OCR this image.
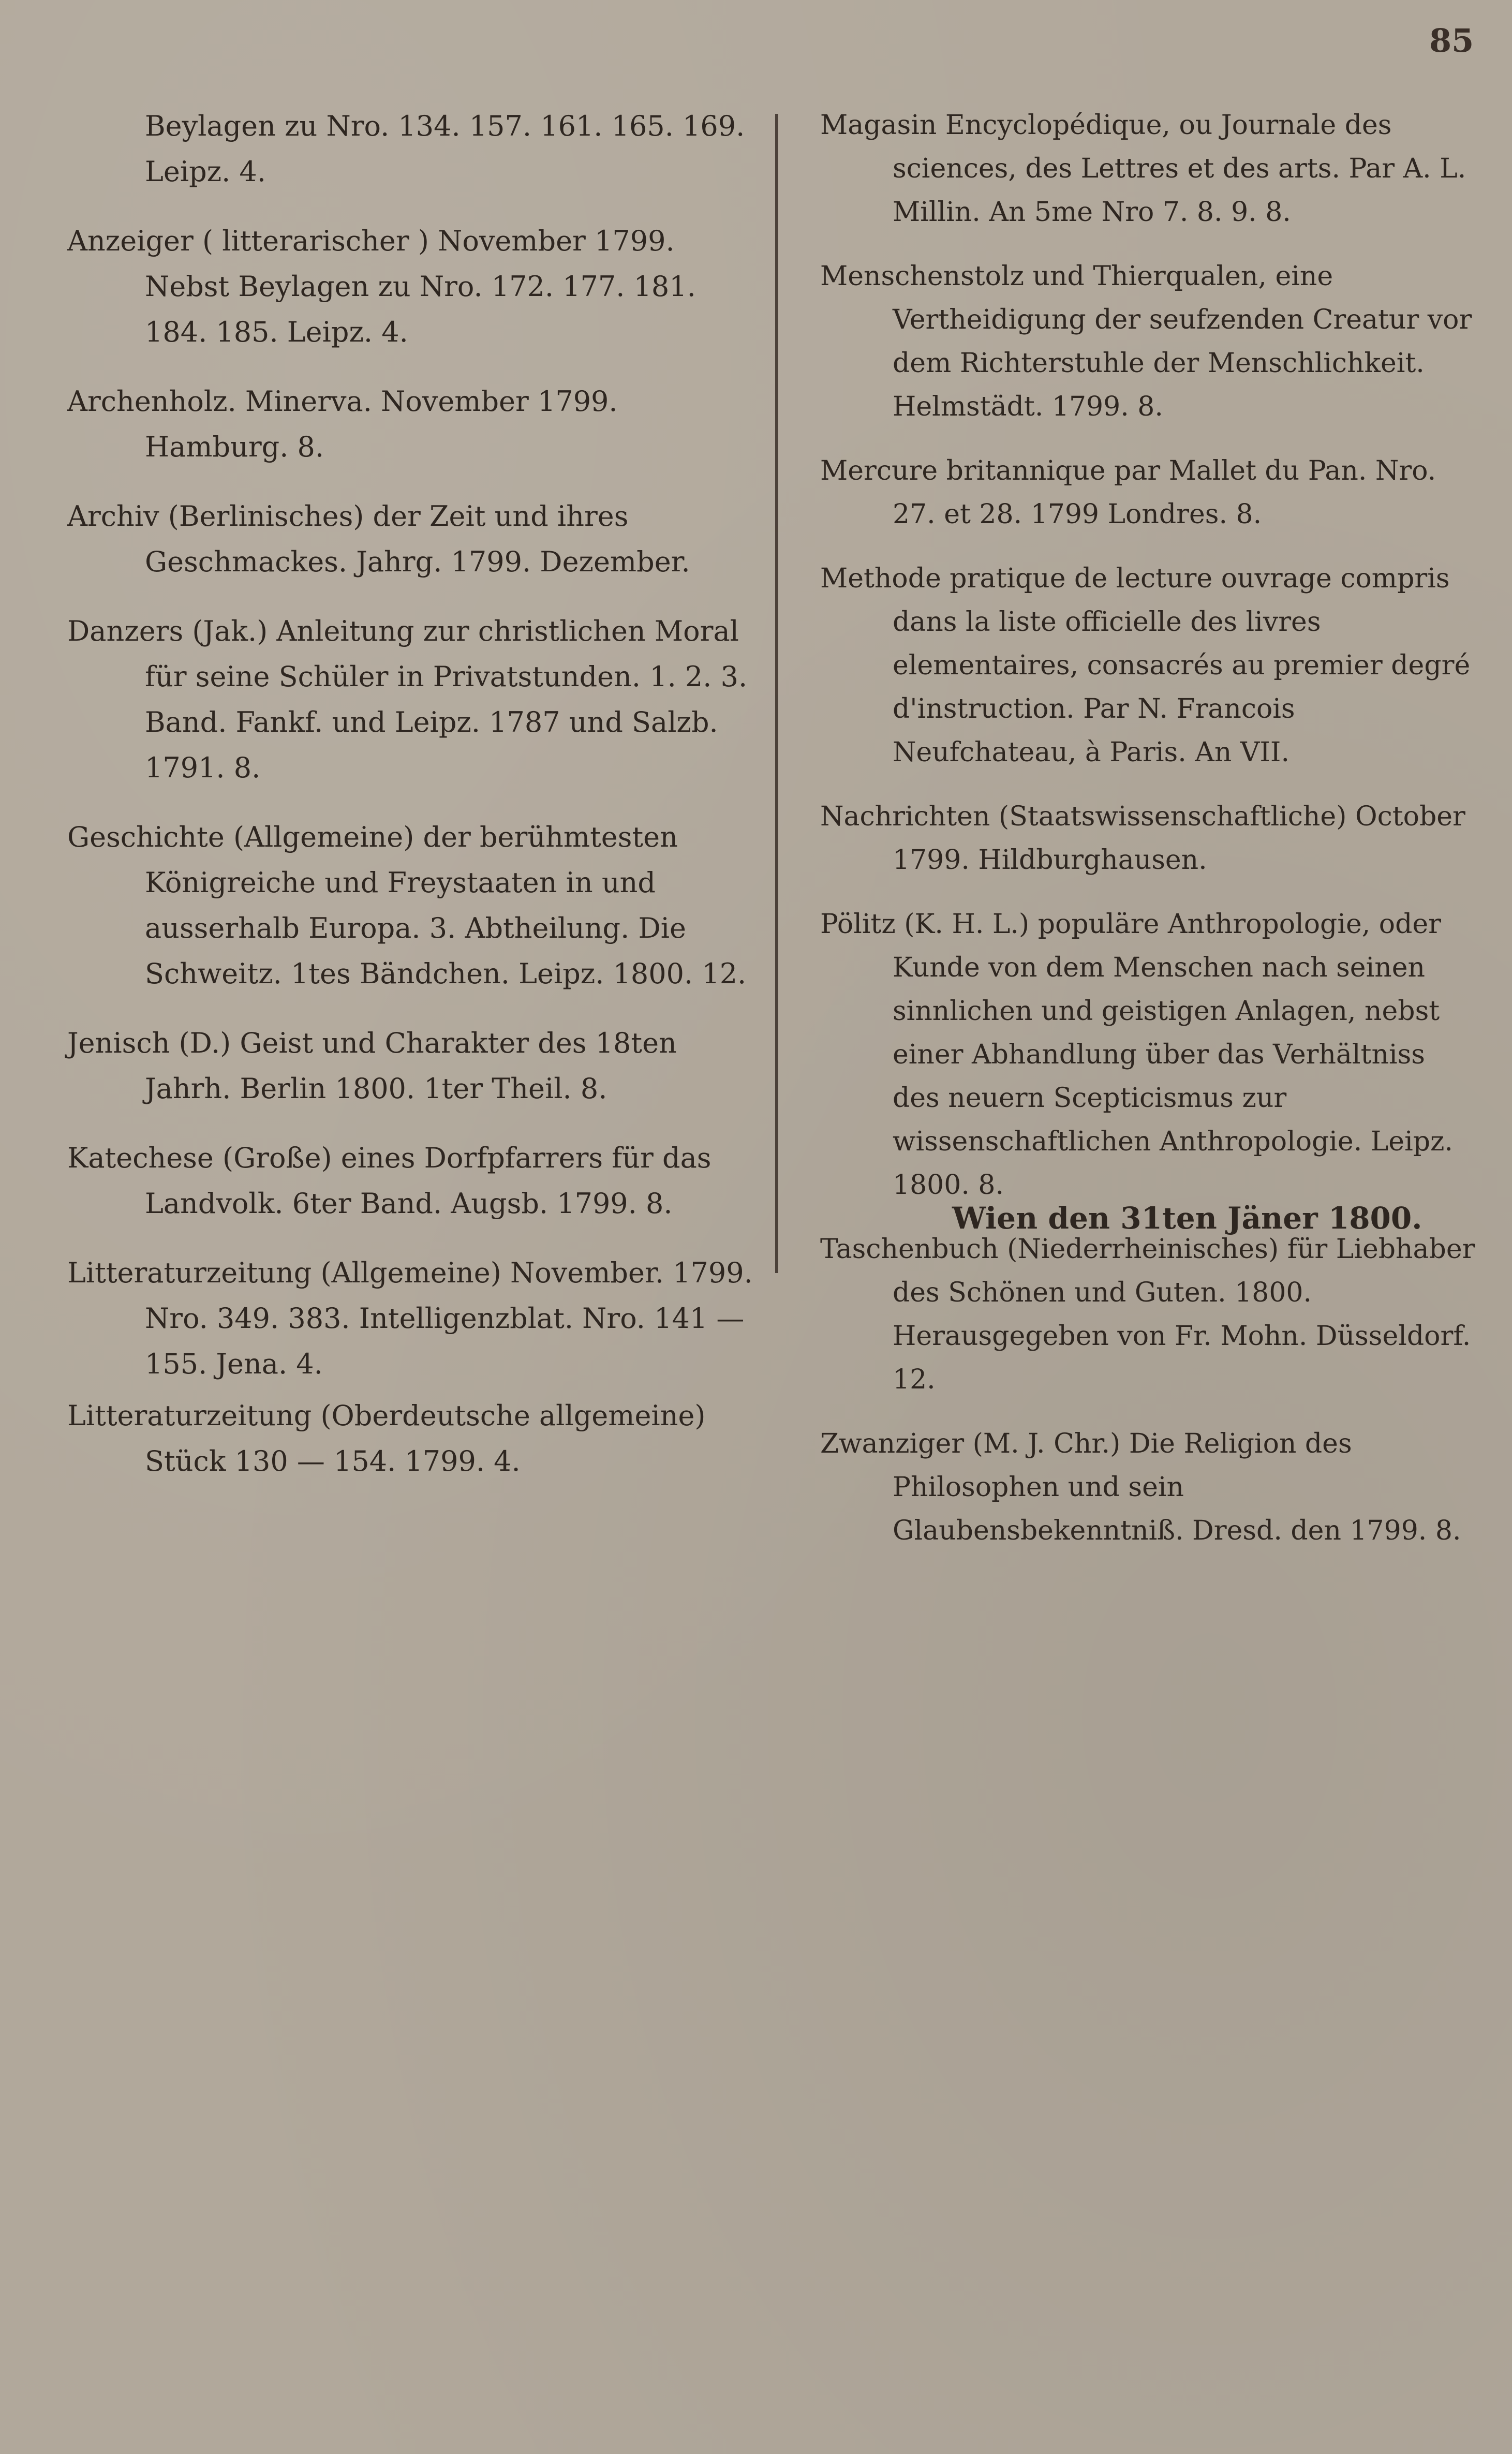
85
Beylagen zu Nro. 134. 157. 161. 165. 169. Leipz. 4.
Anzeiger ( litterarischer ) November 1799. Nebst Beylagen zu Nro. 172. 177. 181. 184. 185. Leipz. 4.
Archenholz. Minerva. November 1799. Hamburg. 8.
Archiv (Berlinisches) der Zeit und ihres Geschmackes. Jahrg. 1799. Dezember.
Danzers (Jak.) Anleitung zur christlichen Moral für seine Schüler in Privatstunden. 1. 2. 3. Band. Fankf. und Leipz. 1787 und Salzb. 1791. 8.
Geschichte (Allgemeine) der berühmtesten Königreiche und Freystaaten in und ausserhalb Europa. 3. Abtheilung. Die Schweitz. 1tes Bändchen. Leipz. 1800. 12.
Jenisch (D.) Geist und Charakter des 18ten Jahrh. Berlin 1800. 1ter Theil. 8.
Katechese (Große) eines Dorfpfarrers für das Landvolk. 6ter Band. Augsb. 1799. 8.
Litteraturzeitung (Allgemeine) November. 1799. Nro. 349. 383. Intelligenzblat. Nro. 141 — 155. Jena. 4.
Litteraturzeitung (Oberdeutsche allgemeine) Stück 130 — 154. 1799. 4.
Magasin Encyclopédique, ou Journale des sciences, des Lettres et des arts. Par A. L. Millin. An 5me Nro 7. 8. 9. 8.
Menschenstolz und Thierqualen, eine Vertheidigung der seufzenden Creatur vor dem Richterstuhle der Menschlichkeit. Helmstädt. 1799. 8.
Mercure britannique par Mallet du Pan. Nro. 27. et 28. 1799 Londres. 8.
Methode pratique de lecture ouvrage compris dans la liste officielle des livres elementaires, consacrés au premier degré d'instruction. Par N. Francois Neufchateau, à Paris. An VII.
Nachrichten (Staatswissenschaftliche) October 1799. Hildburghausen.
Pölitz (K. H. L.) populäre Anthropologie, oder Kunde von dem Menschen nach seinen sinnlichen und geistigen Anlagen, nebst einer Abhandlung über das Verhältniss des neuern Scepticismus zur wissenschaftlichen Anthropologie. Leipz. 1800. 8.
Taschenbuch (Niederrheinisches) für Liebhaber des Schönen und Guten. 1800. Herausgegeben von Fr. Mohn. Düsseldorf. 12.
Zwanziger (M. J. Chr.) Die Religion des Philosophen und sein Glaubensbekenntniß. Dresd. den 1799. 8.
Wien den 31ten Jäner 1800.
